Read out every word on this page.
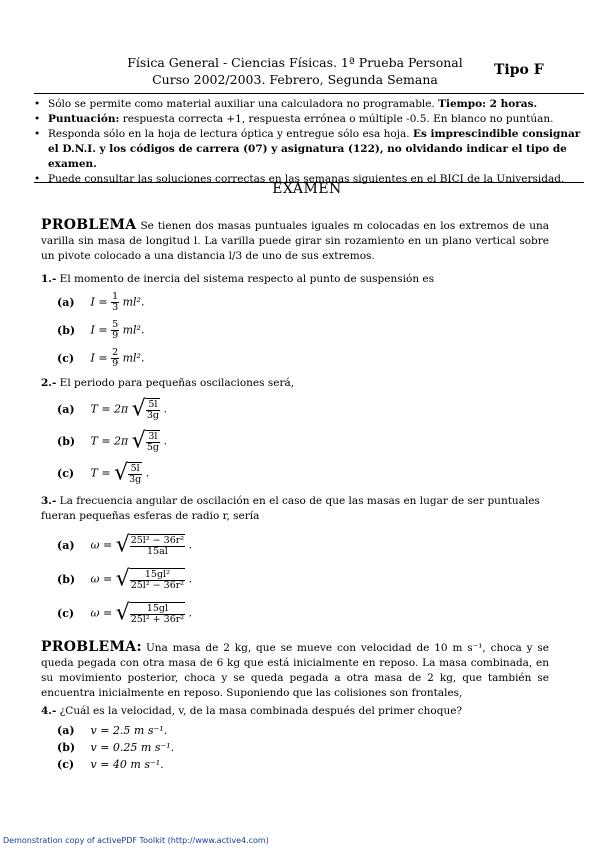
Física General - Ciencias Físicas. 1ª Prueba Personal
Curso 2002/2003. Febrero, Segunda Semana
Tipo F
• Sólo se permite como material auxiliar una calculadora no programable. Tiempo: 2 horas.
• Puntuación: respuesta correcta +1, respuesta errónea o múltiple -0.5. En blanco no puntúan.
• Responda sólo en la hoja de lectura óptica y entregue sólo esa hoja. Es imprescindible consignar el D.N.I. y los códigos de carrera (07) y asignatura (122), no olvidando indicar el tipo de examen.
• Puede consultar las soluciones correctas en las semanas siguientes en el BICI de la Universidad.
EXAMEN
PROBLEMA Se tienen dos masas puntuales iguales m colocadas en los extremos de una varilla sin masa de longitud l. La varilla puede girar sin rozamiento en un plano vertical sobre un pivote colocado a una distancia l/3 de uno de sus extremos.
1.- El momento de inercia del sistema respecto al punto de suspensión es
(a) $I = \frac{1}{3} ml^2$.
(b) $I = \frac{5}{9} ml^2$.
(c) $I = \frac{2}{9} ml^2$.
2.- El periodo para pequeñas oscilaciones será,
(a) T = 2π √ $\frac{5l}{3g}$ .
(b) T = 2π √ $\frac{3l}{5g}$ .
(c) T = √ $\frac{5l}{3g}$ .
3.- La frecuencia angular de oscilación en el caso de que las masas en lugar de ser puntuales fueran pequeñas esferas de radio r, sería
(a) ω = √ $\frac{\text{25l² − 36r²}}{15al}$ .
(b) ω = √ $\frac{\text{15gl²}}{\text{25l² − 36r²}}$ .
(c) ω = √ $\frac{15gl}{\text{25l² + 36r²}}$ .
PROBLEMA: Una masa de 2 kg, que se mueve con velocidad de 10 m s⁻¹, choca y se queda pegada con otra masa de 6 kg que está inicialmente en reposo. La masa combinada, en su movimiento posterior, choca y se queda pegada a otra masa de 2 kg, que también se encuentra inicialmente en reposo. Suponiendo que las colisiones son frontales,
4.- ¿Cuál es la velocidad, v, de la masa combinada después del primer choque?
(a) v = 2.5 m s⁻¹.
(b) v = 0.25 m s⁻¹.
(c) v = 40 m s⁻¹.
Demonstration copy of activePDF Toolkit (http://www.active4.com)
